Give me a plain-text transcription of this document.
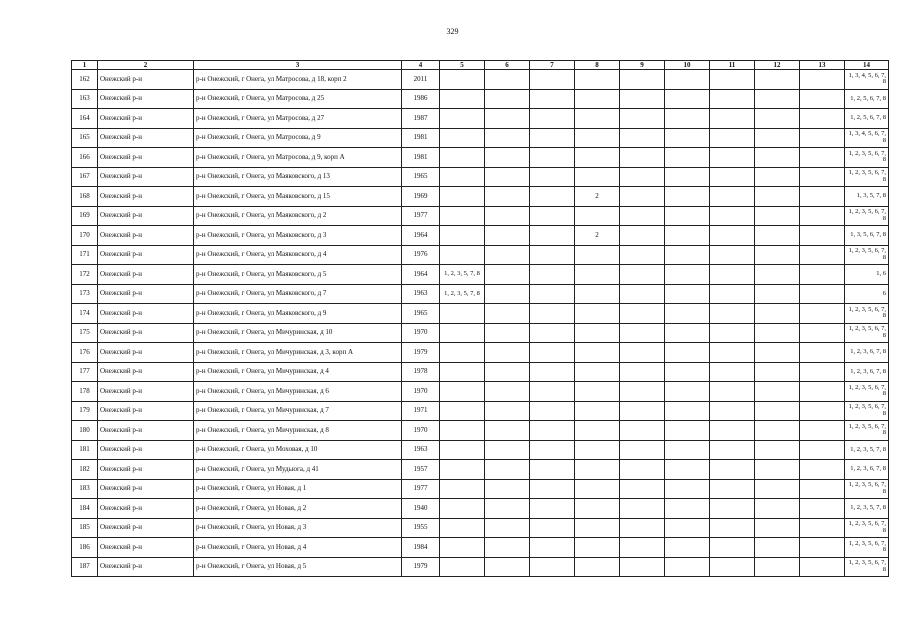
329
1	2	3	4	5	6	7	8	9	10	11	12	13	14
162	Онежский р-н	р-н Онежский, г Онега, ул Матросова, д 18, корп 2	2011										1, 3, 4, 5, 6, 7, 8
163	Онежский р-н	р-н Онежский, г Онега, ул Матросова, д 25	1986										1, 2, 5, 6, 7, 8
164	Онежский р-н	р-н Онежский, г Онега, ул Матросова, д 27	1987										1, 2, 5, 6, 7, 8
165	Онежский р-н	р-н Онежский, г Онега, ул Матросова, д 9	1981										1, 3, 4, 5, 6, 7, 8
166	Онежский р-н	р-н Онежский, г Онега, ул Матросова, д 9, корп А	1981										1, 2, 3, 5, 6, 7, 8
167	Онежский р-н	р-н Онежский, г Онега, ул Маяковского, д 13	1965										1, 2, 3, 5, 6, 7, 8
168	Онежский р-н	р-н Онежский, г Онега, ул Маяковского, д 15	1969				2						1, 3, 5, 7, 8
169	Онежский р-н	р-н Онежский, г Онега, ул Маяковского, д 2	1977										1, 2, 3, 5, 6, 7, 8
170	Онежский р-н	р-н Онежский, г Онега, ул Маяковского, д 3	1964				2						1, 3, 5, 6, 7, 8
171	Онежский р-н	р-н Онежский, г Онега, ул Маяковского, д 4	1976										1, 2, 3, 5, 6, 7, 8
172	Онежский р-н	р-н Онежский, г Онега, ул Маяковского, д 5	1964	1, 2, 3, 5, 7, 8									1, 6
173	Онежский р-н	р-н Онежский, г Онега, ул Маяковского, д 7	1963	1, 2, 3, 5, 7, 8									6
174	Онежский р-н	р-н Онежский, г Онега, ул Маяковского, д 9	1965										1, 2, 3, 5, 6, 7, 8
175	Онежский р-н	р-н Онежский, г Онега, ул Мичуринская, д 10	1970										1, 2, 3, 5, 6, 7, 8
176	Онежский р-н	р-н Онежский, г Онега, ул Мичуринская, д 3, корп А	1979										1, 2, 3, 6, 7, 8
177	Онежский р-н	р-н Онежский, г Онега, ул Мичуринская, д 4	1978										1, 2, 3, 6, 7, 8
178	Онежский р-н	р-н Онежский, г Онега, ул Мичуринская, д 6	1970										1, 2, 3, 5, 6, 7, 8
179	Онежский р-н	р-н Онежский, г Онега, ул Мичуринская, д 7	1971										1, 2, 3, 5, 6, 7, 8
180	Онежский р-н	р-н Онежский, г Онега, ул Мичуринская, д 8	1970										1, 2, 3, 5, 6, 7, 8
181	Онежский р-н	р-н Онежский, г Онега, ул Моховая, д 10	1963										1, 2, 3, 5, 7, 8
182	Онежский р-н	р-н Онежский, г Онега, ул Мудьюга, д 41	1957										1, 2, 3, 6, 7, 8
183	Онежский р-н	р-н Онежский, г Онега, ул Новая, д 1	1977										1, 2, 3, 5, 6, 7, 8
184	Онежский р-н	р-н Онежский, г Онега, ул Новая, д 2	1940										1, 2, 3, 5, 7, 8
185	Онежский р-н	р-н Онежский, г Онега, ул Новая, д 3	1955										1, 2, 3, 5, 6, 7, 8
186	Онежский р-н	р-н Онежский, г Онега, ул Новая, д 4	1984										1, 2, 3, 5, 6, 7, 8
187	Онежский р-н	р-н Онежский, г Онега, ул Новая, д 5	1979										1, 2, 3, 5, 6, 7, 8
